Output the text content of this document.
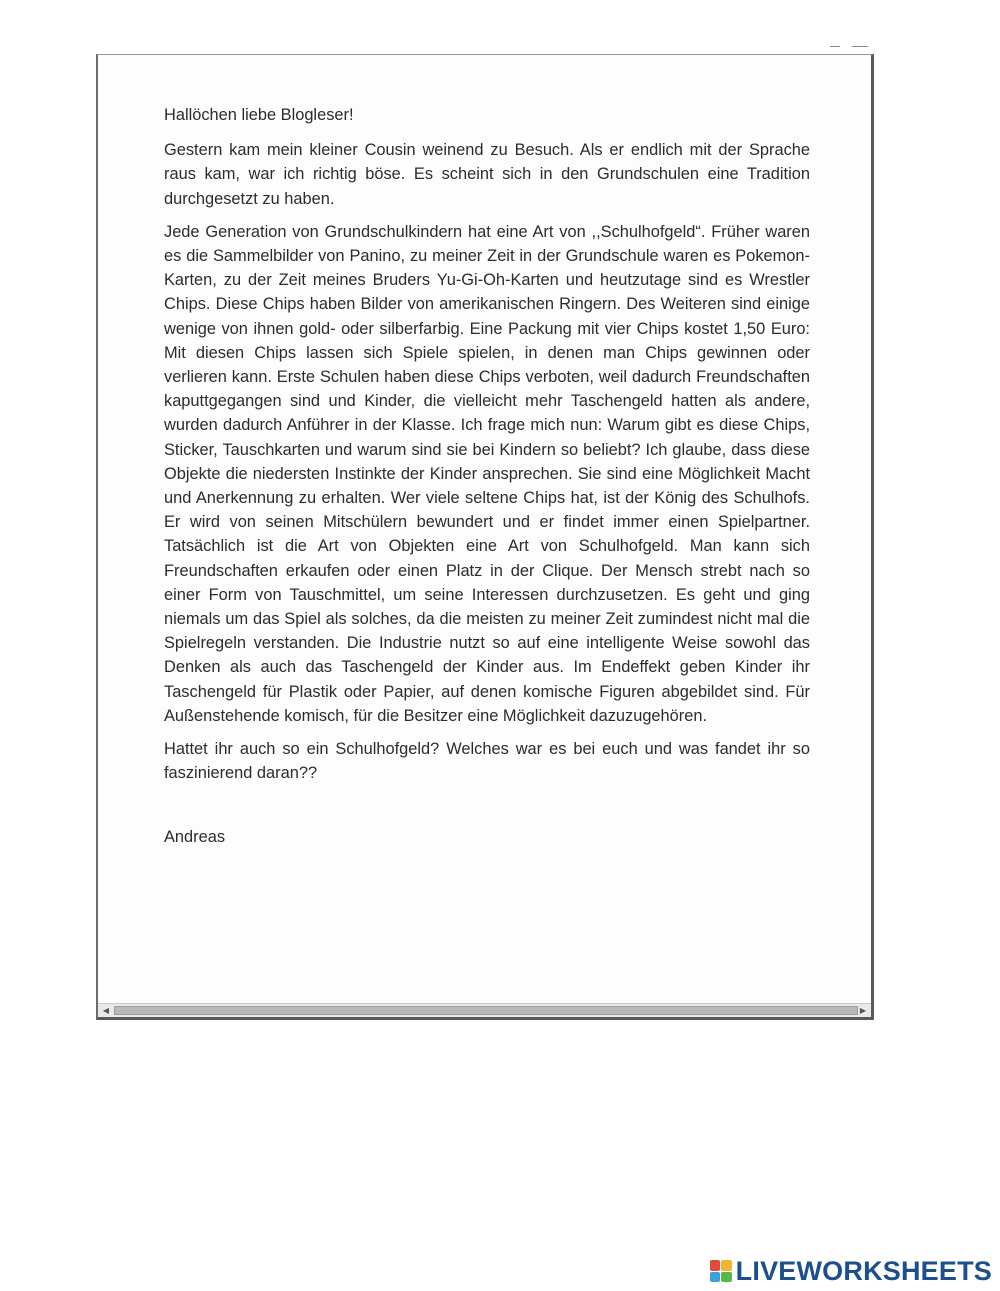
Hallöchen liebe Blogleser!

Gestern kam mein kleiner Cousin weinend zu Besuch. Als er endlich mit der Sprache raus kam, war ich richtig böse. Es scheint sich in den Grundschulen eine Tradition durchgesetzt zu haben.

Jede Generation von Grundschulkindern hat eine Art von ,,Schulhofgeld“. Früher waren es die Sammelbilder von Panino, zu meiner Zeit in der Grundschule waren es Pokemon-Karten, zu der Zeit meines Bruders Yu-Gi-Oh-Karten und heutzutage sind es Wrestler Chips. Diese Chips haben Bilder von amerikanischen Ringern. Des Weiteren sind einige wenige von ihnen gold- oder silberfarbig. Eine Packung mit vier Chips kostet 1,50 Euro: Mit diesen Chips lassen sich Spiele spielen, in denen man Chips gewinnen oder verlieren kann. Erste Schulen haben diese Chips verboten, weil dadurch Freundschaften kaputtgegangen sind und Kinder, die vielleicht mehr Taschengeld hatten als andere, wurden dadurch Anführer in der Klasse. Ich frage mich nun: Warum gibt es diese Chips, Sticker, Tauschkarten und warum sind sie bei Kindern so beliebt? Ich glaube, dass diese Objekte die niedersten Instinkte der Kinder ansprechen. Sie sind eine Möglichkeit Macht und Anerkennung zu erhalten. Wer viele seltene Chips hat, ist der König des Schulhofs. Er wird von seinen Mitschülern bewundert und er findet immer einen Spielpartner. Tatsächlich ist die Art von Objekten eine Art von Schulhofgeld. Man kann sich Freundschaften erkaufen oder einen Platz in der Clique. Der Mensch strebt nach so einer Form von Tauschmittel, um seine Interessen durchzusetzen. Es geht und ging niemals um das Spiel als solches, da die meisten zu meiner Zeit zumindest nicht mal die Spielregeln verstanden. Die Industrie nutzt so auf eine intelligente Weise sowohl das Denken als auch das Taschengeld der Kinder aus. Im Endeffekt geben Kinder ihr Taschengeld für Plastik oder Papier, auf denen komische Figuren abgebildet sind. Für Außenstehende komisch, für die Besitzer eine Möglichkeit dazuzugehören.

Hattet ihr auch so ein Schulhofgeld? Welches war es bei euch und was fandet ihr so faszinierend daran??

Andreas

◀	▶
LIVEWORKSHEETS
